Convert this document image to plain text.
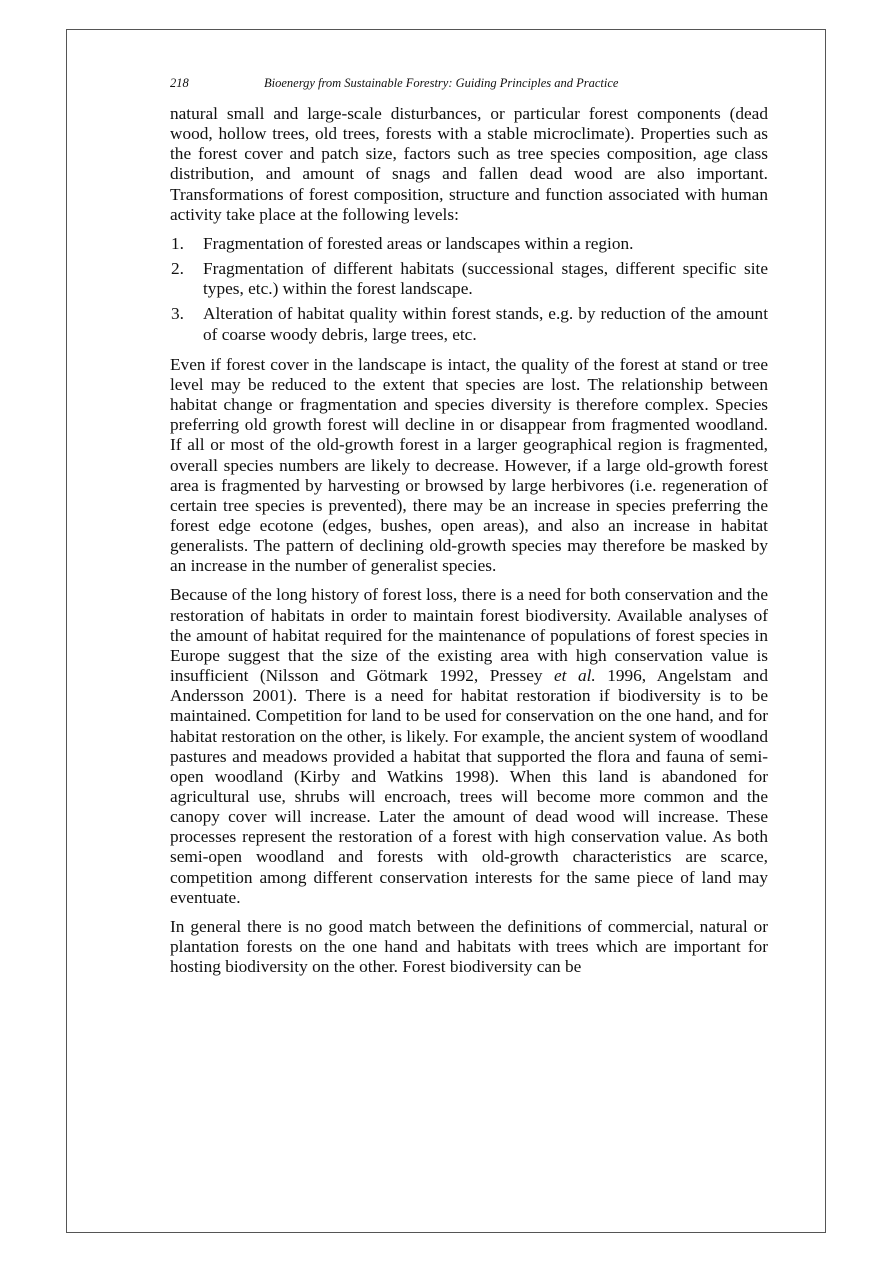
218	Bioenergy from Sustainable Forestry: Guiding Principles and Practice

natural small and large-scale disturbances, or particular forest components (dead wood, hollow trees, old trees, forests with a stable microclimate). Properties such as the forest cover and patch size, factors such as tree species composition, age class distribution, and amount of snags and fallen dead wood are also important. Transformations of forest composition, structure and function associated with human activity take place at the following levels:

1. Fragmentation of forested areas or landscapes within a region.
2. Fragmentation of different habitats (successional stages, different specific site types, etc.) within the forest landscape.
3. Alteration of habitat quality within forest stands, e.g. by reduction of the amount of coarse woody debris, large trees, etc.

Even if forest cover in the landscape is intact, the quality of the forest at stand or tree level may be reduced to the extent that species are lost. The relationship between habitat change or fragmentation and species diversity is therefore complex. Species preferring old growth forest will decline in or disappear from fragmented woodland. If all or most of the old-growth forest in a larger geographical region is fragmented, overall species numbers are likely to decrease. However, if a large old-growth forest area is fragmented by harvesting or browsed by large herbivores (i.e. regeneration of certain tree species is prevented), there may be an increase in species preferring the forest edge ecotone (edges, bushes, open areas), and also an increase in habitat generalists. The pattern of declining old-growth species may therefore be masked by an increase in the number of generalist species.

Because of the long history of forest loss, there is a need for both conservation and the restoration of habitats in order to maintain forest biodiversity. Available analyses of the amount of habitat required for the maintenance of populations of forest species in Europe suggest that the size of the existing area with high conservation value is insufficient (Nilsson and Götmark 1992, Pressey et al. 1996, Angelstam and Andersson 2001). There is a need for habitat restoration if biodiversity is to be maintained. Competition for land to be used for conservation on the one hand, and for habitat restoration on the other, is likely. For example, the ancient system of woodland pastures and meadows provided a habitat that supported the flora and fauna of semi-open woodland (Kirby and Watkins 1998). When this land is abandoned for agricultural use, shrubs will encroach, trees will become more common and the canopy cover will increase. Later the amount of dead wood will increase. These processes represent the restoration of a forest with high conservation value. As both semi-open woodland and forests with old-growth characteristics are scarce, competition among different conservation interests for the same piece of land may eventuate.

In general there is no good match between the definitions of commercial, natural or plantation forests on the one hand and habitats with trees which are important for hosting biodiversity on the other. Forest biodiversity can be
